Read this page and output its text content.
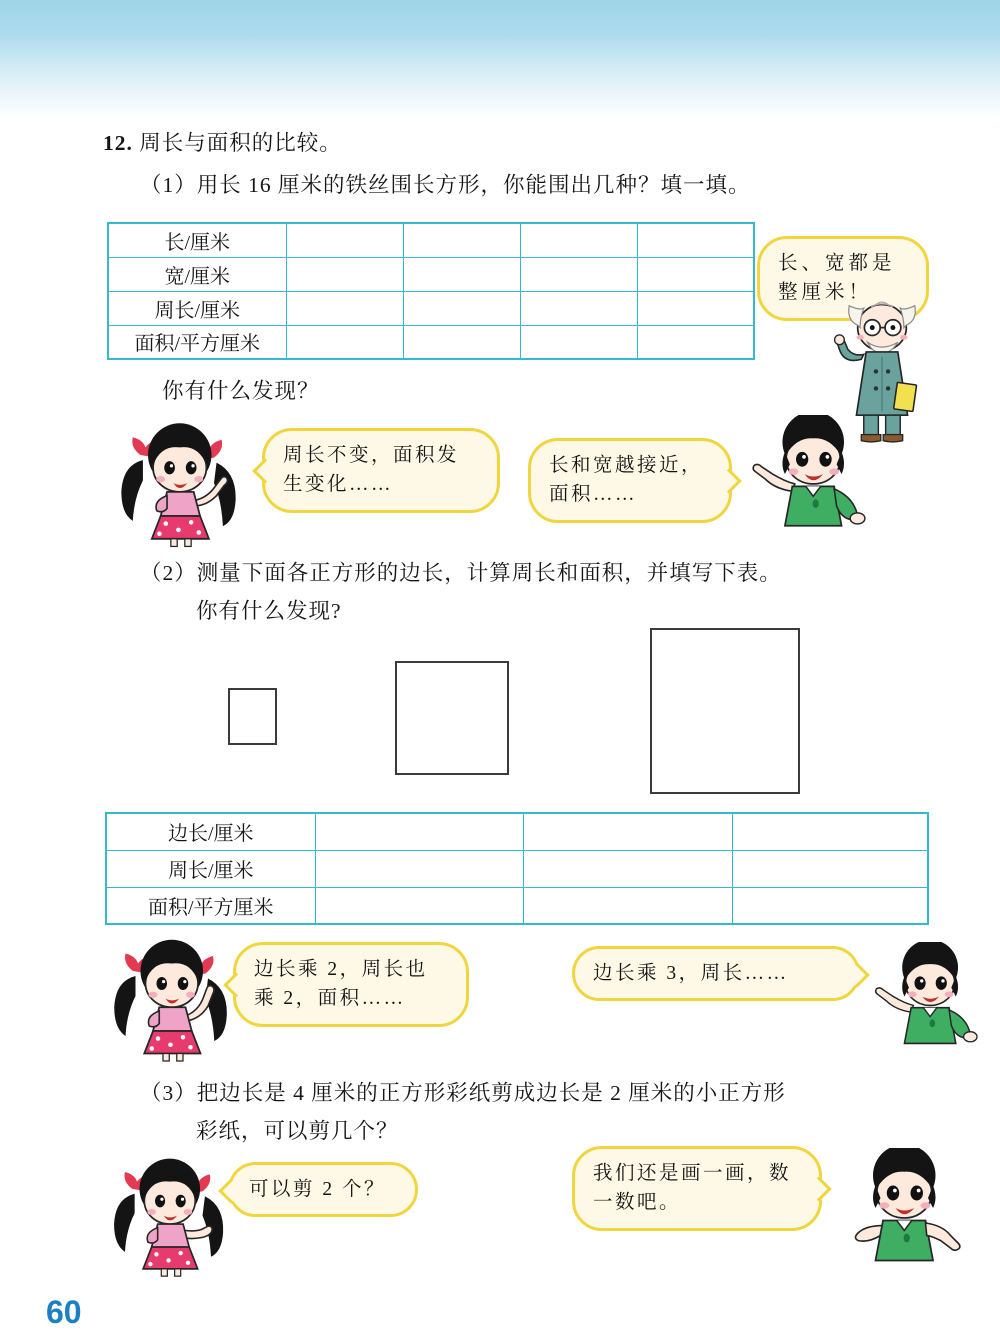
12. 周长与面积的比较。
（1）用长 16 厘米的铁丝围长方形，你能围出几种？填一填。
长/厘米				
宽/厘米				
周长/厘米				
面积/平方厘米				
长、宽都是整厘米！
你有什么发现？
周长不变，面积发生变化……
长和宽越接近，面积……
（2）测量下面各正方形的边长，计算周长和面积，并填写下表。
你有什么发现?
边长/厘米			
周长/厘米			
面积/平方厘米			
边长乘 2，周长也乘 2，面积……
边长乘 3，周长……
（3）把边长是 4 厘米的正方形彩纸剪成边长是 2 厘米的小正方形
彩纸，可以剪几个？
可以剪 2 个？
我们还是画一画，数一数吧。
60
